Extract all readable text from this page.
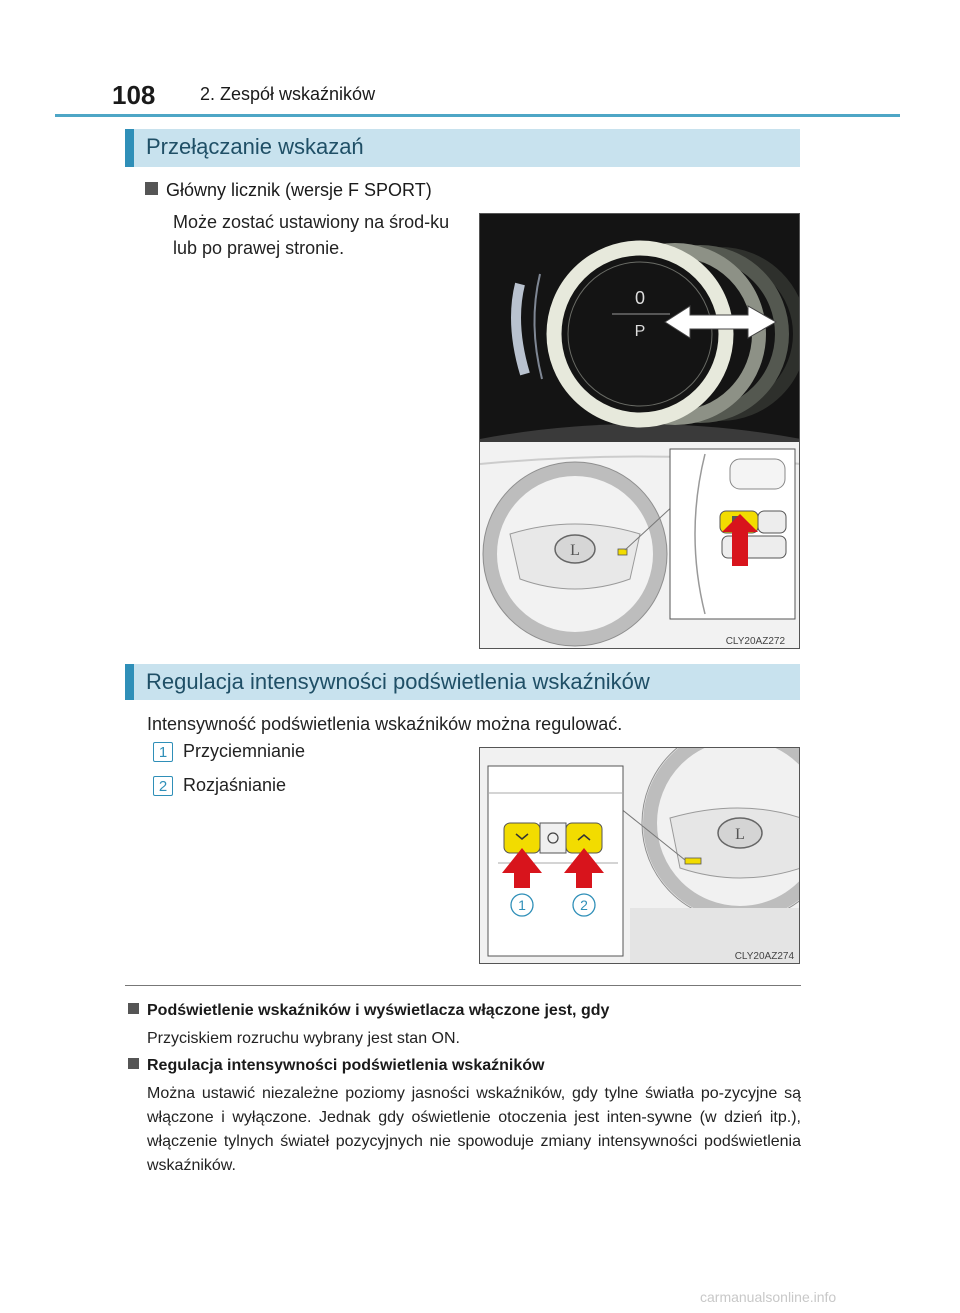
108 2. Zespół wskaźników
Przełączanie wskazań
Główny licznik (wersje F SPORT)
Może zostać ustawiony na środ-ku lub po prawej stronie.
0
P
L
CLY20AZ272
Regulacja intensywności podświetlenia wskaźników
Intensywność podświetlenia wskaźników można regulować.
1 Przyciemnianie
2 Rozjaśnianie
L
1	2
CLY20AZ274
Podświetlenie wskaźników i wyświetlacza włączone jest, gdy
Przyciskiem rozruchu wybrany jest stan ON.
Regulacja intensywności podświetlenia wskaźników
Można ustawić niezależne poziomy jasności wskaźników, gdy tylne światła po-zycyjne są włączone i wyłączone. Jednak gdy oświetlenie otoczenia jest inten-sywne (w dzień itp.), włączenie tylnych świateł pozycyjnych nie spowoduje zmiany intensywności podświetlenia wskaźników.
carmanualsonline.info
